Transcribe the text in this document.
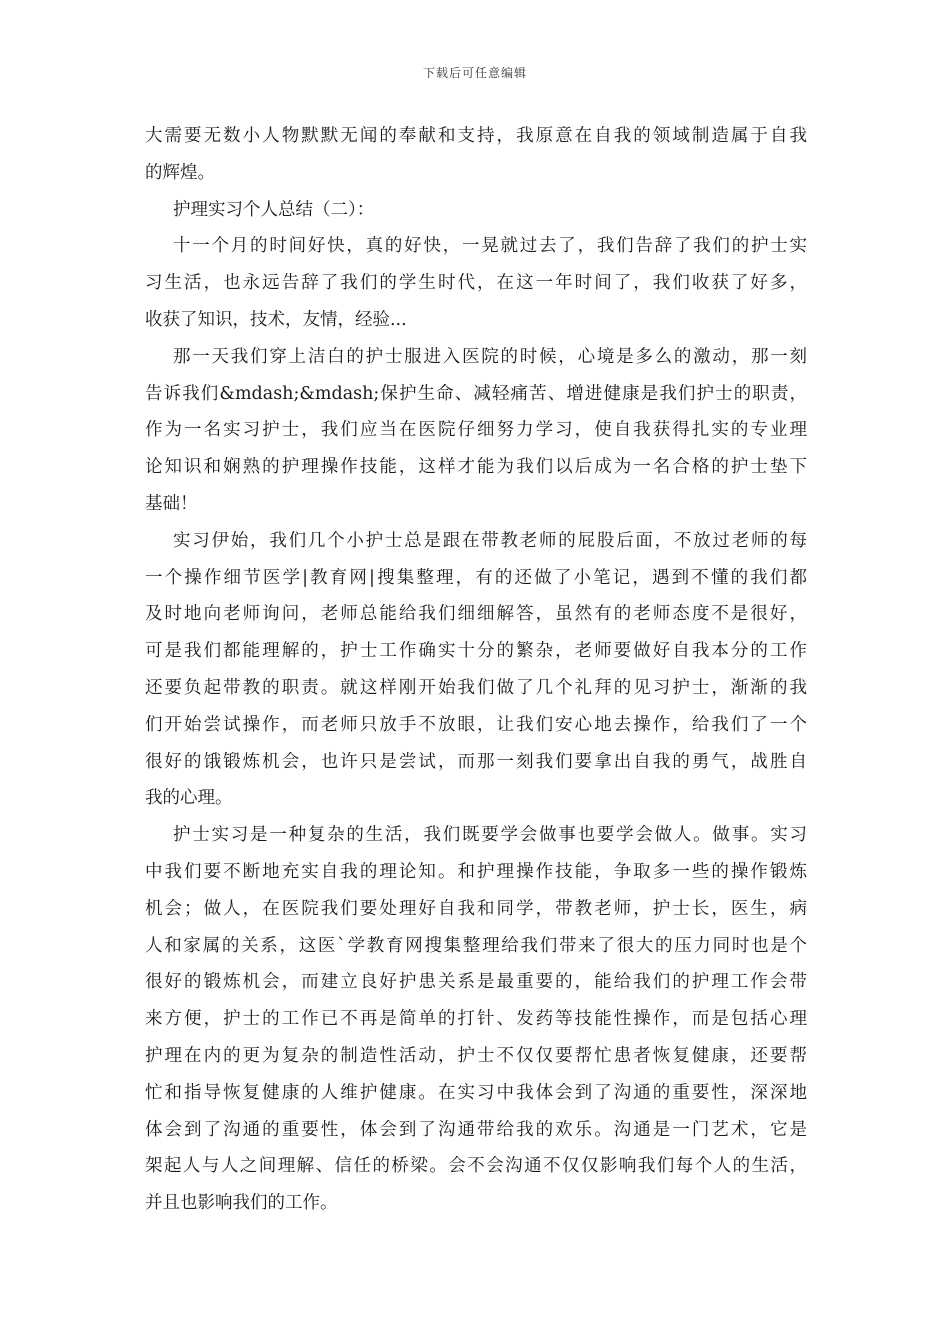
下载后可任意编辑
大需要无数小人物默默无闻的奉献和支持，我原意在自我的领域制造属于自我
的辉煌。
护理实习个人总结（二）：
十一个月的时间好快，真的好快，一晃就过去了，我们告辞了我们的护士实
习生活，也永远告辞了我们的学生时代，在这一年时间了，我们收获了好多，
收获了知识，技术，友情，经验...
那一天我们穿上洁白的护士服进入医院的时候，心境是多么的激动，那一刻
告诉我们&mdash;&mdash;保护生命、减轻痛苦、增进健康是我们护士的职责，
作为一名实习护士，我们应当在医院仔细努力学习，使自我获得扎实的专业理
论知识和娴熟的护理操作技能，这样才能为我们以后成为一名合格的护士垫下
基础！
实习伊始，我们几个小护士总是跟在带教老师的屁股后面，不放过老师的每
一个操作细节医学|教育网|搜集整理，有的还做了小笔记，遇到不懂的我们都
及时地向老师询问，老师总能给我们细细解答，虽然有的老师态度不是很好，
可是我们都能理解的，护士工作确实十分的繁杂，老师要做好自我本分的工作
还要负起带教的职责。就这样刚开始我们做了几个礼拜的见习护士，渐渐的我
们开始尝试操作，而老师只放手不放眼，让我们安心地去操作，给我们了一个
很好的饿锻炼机会，也许只是尝试，而那一刻我们要拿出自我的勇气，战胜自
我的心理。
护士实习是一种复杂的生活，我们既要学会做事也要学会做人。做事。实习
中我们要不断地充实自我的理论知。和护理操作技能，争取多一些的操作锻炼
机会；做人，在医院我们要处理好自我和同学，带教老师，护士长，医生，病
人和家属的关系，这医`学教育网搜集整理给我们带来了很大的压力同时也是个
很好的锻炼机会，而建立良好护患关系是最重要的，能给我们的护理工作会带
来方便，护士的工作已不再是简单的打针、发药等技能性操作，而是包括心理
护理在内的更为复杂的制造性活动，护士不仅仅要帮忙患者恢复健康，还要帮
忙和指导恢复健康的人维护健康。在实习中我体会到了沟通的重要性，深深地
体会到了沟通的重要性，体会到了沟通带给我的欢乐。沟通是一门艺术，它是
架起人与人之间理解、信任的桥梁。会不会沟通不仅仅影响我们每个人的生活，
并且也影响我们的工作。
